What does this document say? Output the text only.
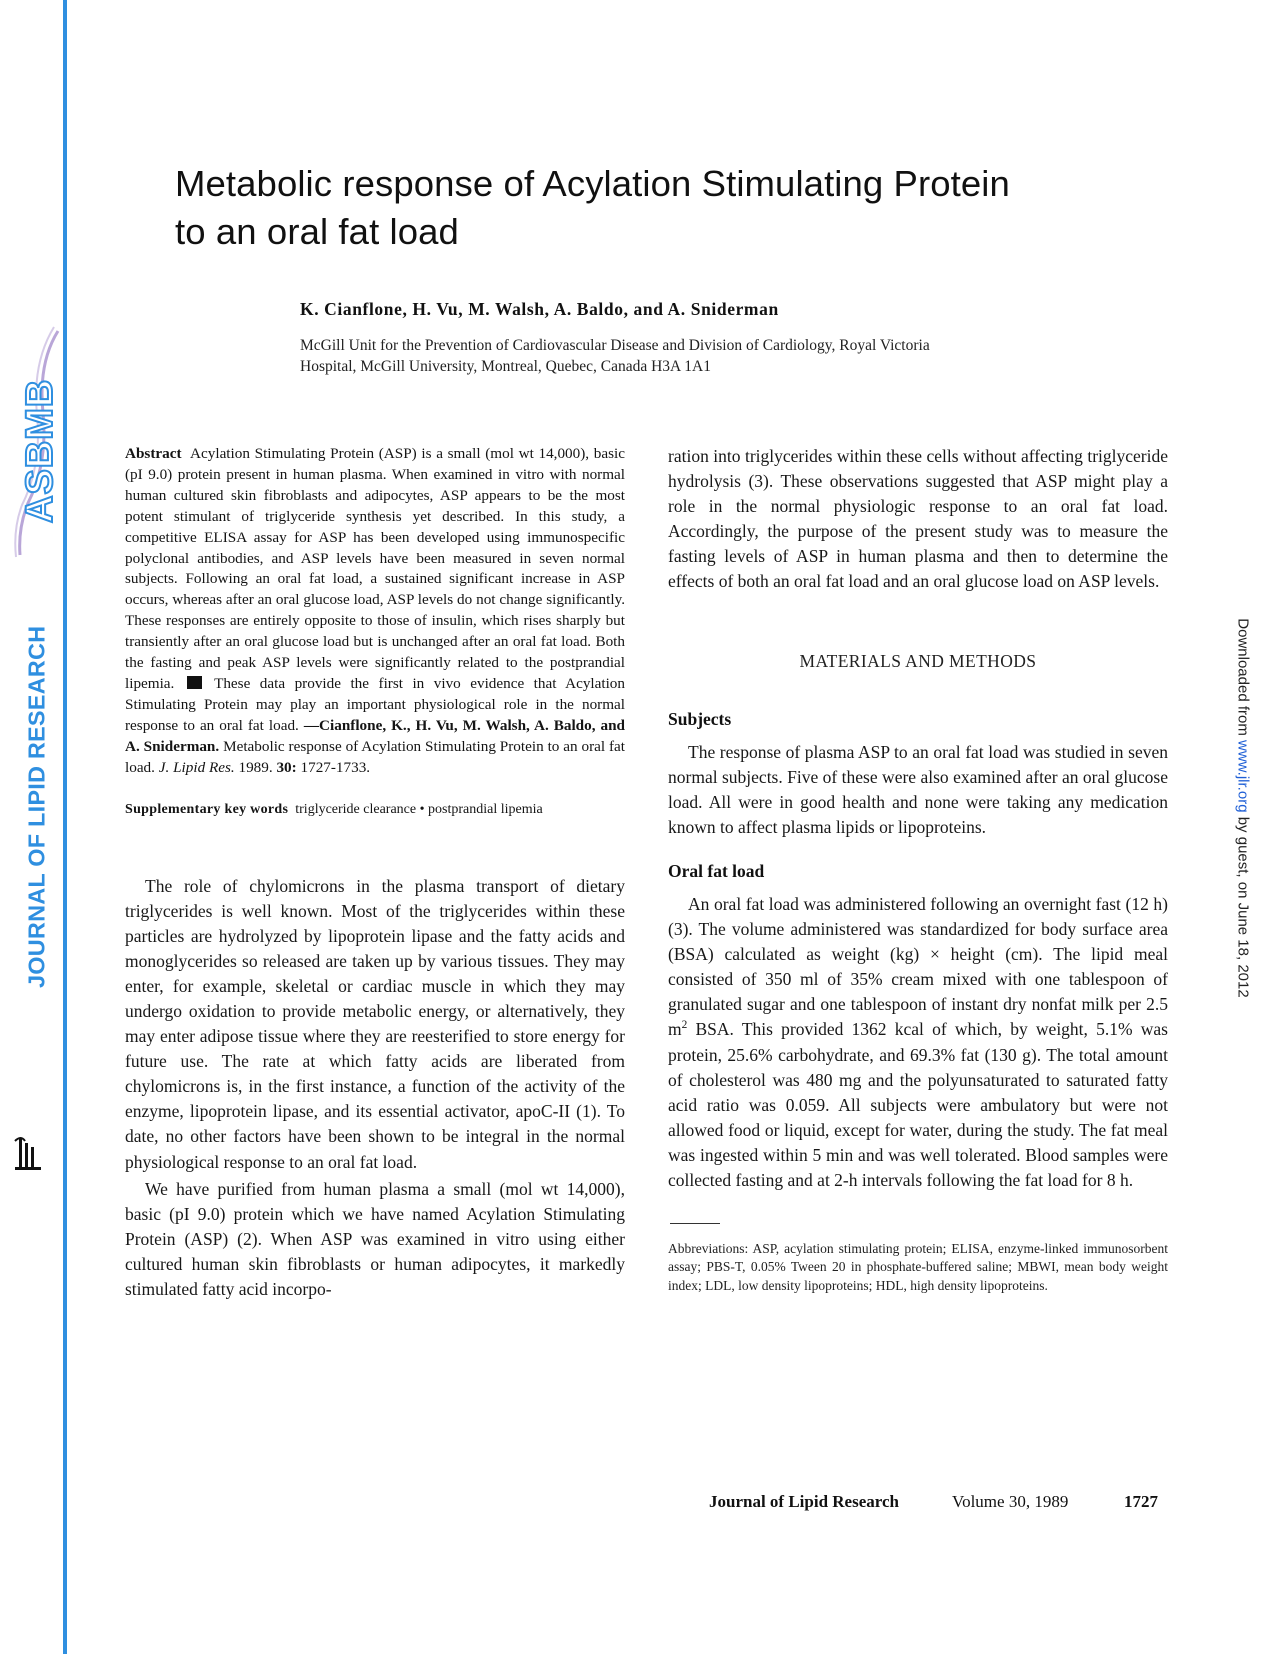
ASBMB
JOURNAL OF LIPID RESEARCH	Downloaded from www.jlr.org by guest, on June 18, 2012
Metabolic response of Acylation Stimulating Protein
to an oral fat load
K. Cianflone, H. Vu, M. Walsh, A. Baldo, and A. Sniderman
McGill Unit for the Prevention of Cardiovascular Disease and Division of Cardiology, Royal Victoria
Hospital, McGill University, Montreal, Quebec, Canada H3A 1A1

Abstract Acylation Stimulating Protein (ASP) is a small (mol wt 14,000), basic (pI 9.0) protein present in human plasma. When examined in vitro with normal human cultured skin fibroblasts and adipocytes, ASP appears to be the most potent stimulant of triglyceride synthesis yet described. In this study, a competitive ELISA assay for ASP has been developed using immunospecific polyclonal antibodies, and ASP levels have been measured in seven normal subjects. Following an oral fat load, a sustained significant increase in ASP occurs, whereas after an oral glucose load, ASP levels do not change significantly. These responses are entirely opposite to those of insulin, which rises sharply but transiently after an oral glucose load but is unchanged after an oral fat load. Both the fasting and peak ASP levels were significantly related to the postprandial lipemia.	These data provide the first in vivo evidence that Acylation Stimulating Protein may play an important physiological role in the normal response to an oral fat load. —Cianflone, K., H. Vu, M. Walsh, A. Baldo, and A. Sniderman. Metabolic response of Acylation Stimulating Protein to an oral fat load. J. Lipid Res. 1989. 30: 1727-1733.

Supplementary key words triglyceride clearance • postprandial lipemia

The role of chylomicrons in the plasma transport of dietary triglycerides is well known. Most of the triglycerides within these particles are hydrolyzed by lipoprotein lipase and the fatty acids and monoglycerides so released are taken up by various tissues. They may enter, for example, skeletal or cardiac muscle in which they may undergo oxidation to provide metabolic energy, or alternatively, they may enter adipose tissue where they are reesterified to store energy for future use. The rate at which fatty acids are liberated from chylomicrons is, in the first instance, a function of the activity of the enzyme, lipoprotein lipase, and its essential activator, apoC-II (1). To date, no other factors have been shown to be integral in the normal physiological response to an oral fat load.

We have purified from human plasma a small (mol wt 14,000), basic (pI 9.0) protein which we have named Acylation Stimulating Protein (ASP) (2). When ASP was examined in vitro using either cultured human skin fibroblasts or human adipocytes, it markedly stimulated fatty acid incorpo-

ration into triglycerides within these cells without affecting triglyceride hydrolysis (3). These observations suggested that ASP might play a role in the normal physiologic response to an oral fat load. Accordingly, the purpose of the present study was to measure the fasting levels of ASP in human plasma and then to determine the effects of both an oral fat load and an oral glucose load on ASP levels.

MATERIALS AND METHODS
Subjects

The response of plasma ASP to an oral fat load was studied in seven normal subjects. Five of these were also examined after an oral glucose load. All were in good health and none were taking any medication known to affect plasma lipids or lipoproteins.

Oral fat load

An oral fat load was administered following an overnight fast (12 h) (3). The volume administered was standardized for body surface area (BSA) calculated as weight (kg) × height (cm). The lipid meal consisted of 350 ml of 35% cream mixed with one tablespoon of granulated sugar and one tablespoon of instant dry nonfat milk per 2.5 $m^2$ BSA. This provided 1362 kcal of which, by weight, 5.1% was protein, 25.6% carbohydrate, and 69.3% fat (130 g). The total amount of cholesterol was 480 mg and the polyunsaturated to saturated fatty acid ratio was 0.059. All subjects were ambulatory but were not allowed food or liquid, except for water, during the study. The fat meal was ingested within 5 min and was well tolerated. Blood samples were collected fasting and at 2-h intervals following the fat load for 8 h.

Abbreviations: ASP, acylation stimulating protein; ELISA, enzyme-linked immunosorbent assay; PBS-T, 0.05% Tween 20 in phosphate-buffered saline; MBWI, mean body weight index; LDL, low density lipoproteins; HDL, high density lipoproteins.

Journal of Lipid Research	Volume 30, 1989	1727
